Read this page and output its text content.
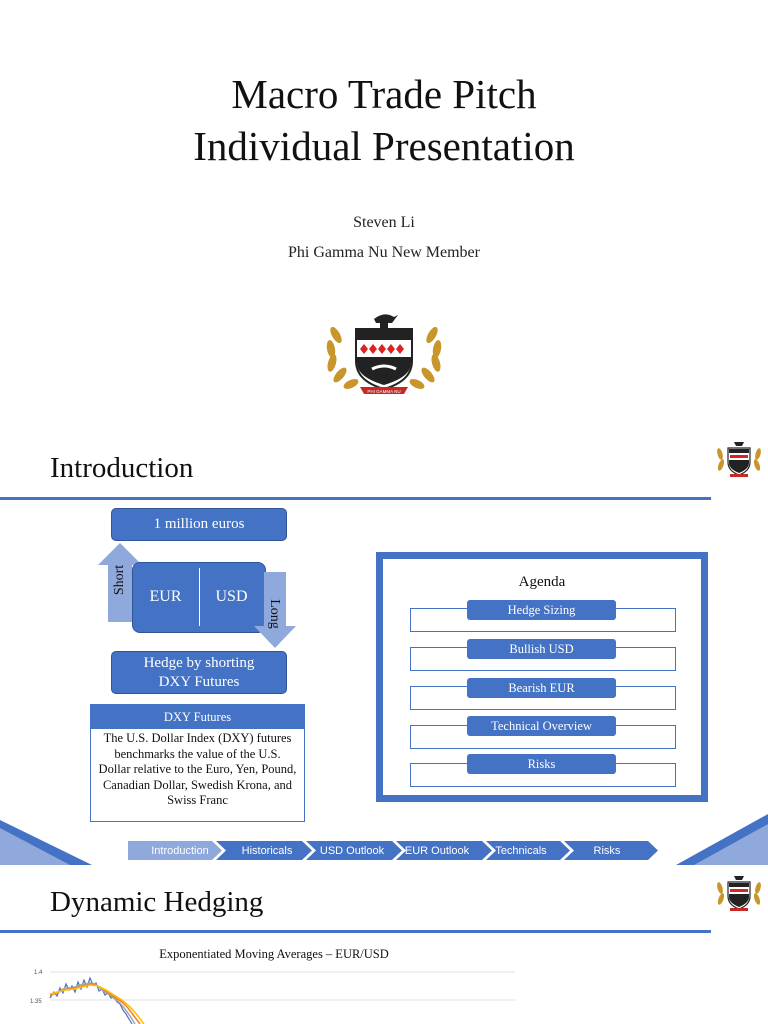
Macro Trade Pitch
Individual Presentation
Steven Li
Phi Gamma Nu New Member
PHI GAMMA NU
Introduction
1 million euros
Short
EUR	USD
Long
Hedge by shorting
DXY Futures
DXY Futures
The U.S. Dollar Index (DXY) futures benchmarks the value of the U.S. Dollar relative to the Euro, Yen, Pound, Canadian Dollar, Swedish Krona, and Swiss Franc
Agenda
Hedge Sizing
Bullish USD
Bearish EUR
Technical Overview
Risks
Introduction	Historicals	USD Outlook	EUR Outlook	Technicals	Risks
Dynamic Hedging
Exponentiated Moving Averages – EUR/USD
1.4
1.35
